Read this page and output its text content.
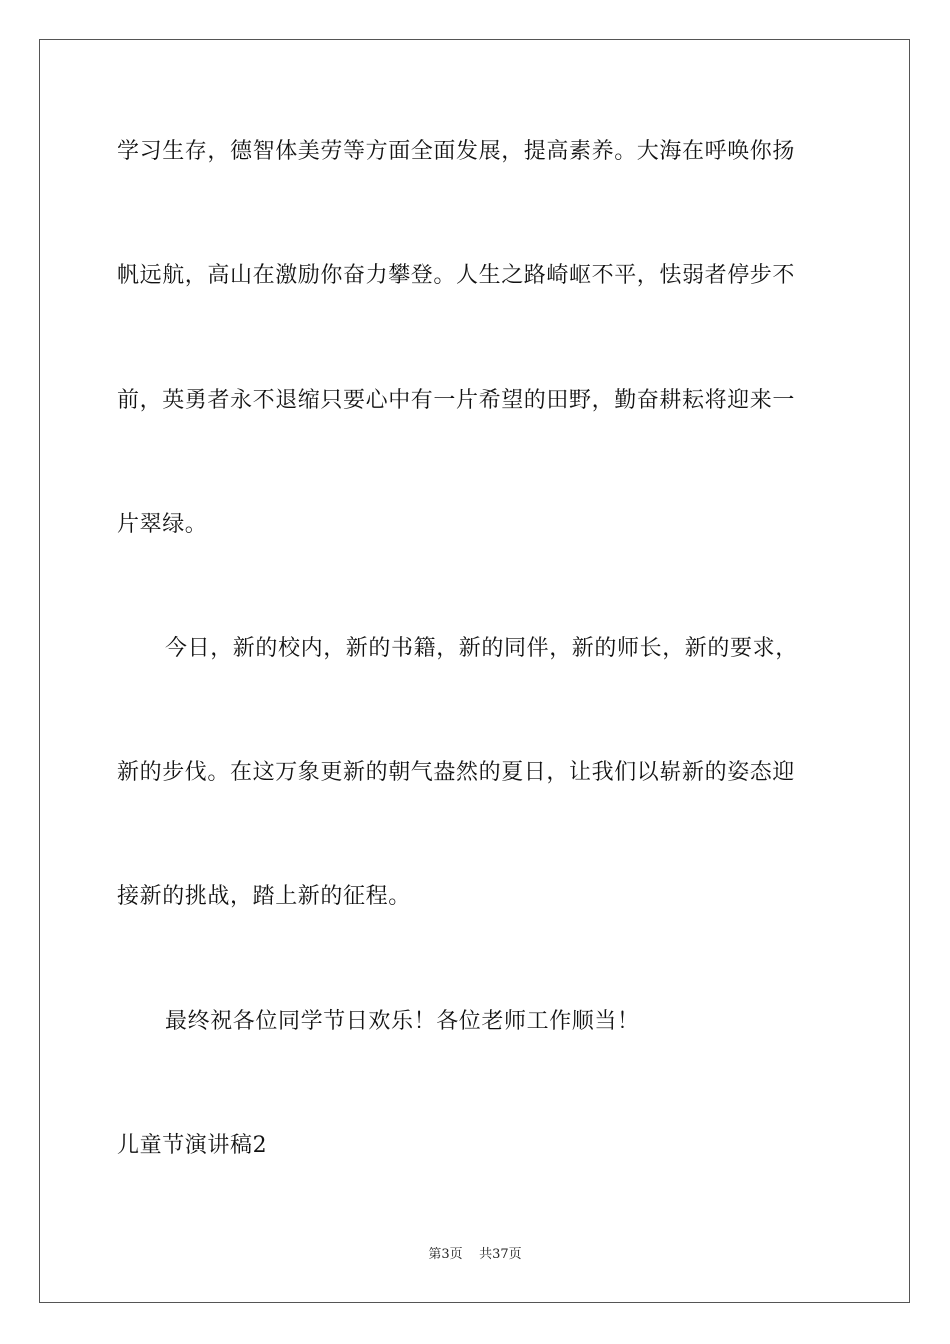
学习生存，德智体美劳等方面全面发展，提高素养。大海在呼唤你扬
帆远航，高山在激励你奋力攀登。人生之路崎岖不平，怯弱者停步不
前，英勇者永不退缩只要心中有一片希望的田野，勤奋耕耘将迎来一
片翠绿。
今日，新的校内，新的书籍，新的同伴，新的师长，新的要求，
新的步伐。在这万象更新的朝气盎然的夏日，让我们以崭新的姿态迎
接新的挑战，踏上新的征程。
最终祝各位同学节日欢乐！各位老师工作顺当！
儿童节演讲稿2
第3页 共37页
